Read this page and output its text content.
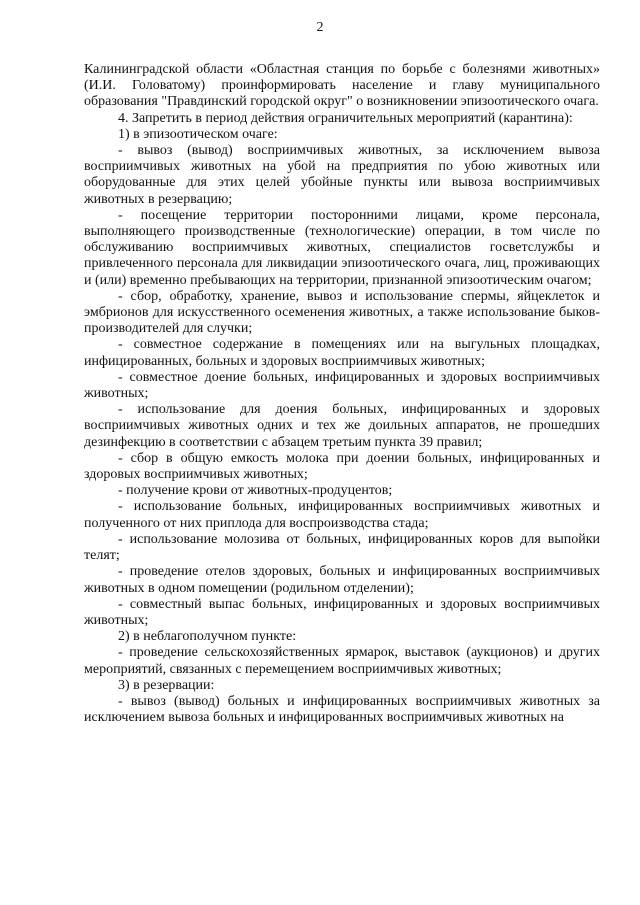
2

Калининградской области «Областная станция по борьбе с болезнями животных» (И.И. Головатому) проинформировать население и главу муниципального образования "Правдинский городской округ" о возникновении эпизоотического очага.

4. Запретить в период действия ограничительных мероприятий (карантина):

1) в эпизоотическом очаге:

- вывоз (вывод) восприимчивых животных, за исключением вывоза восприимчивых животных на убой на предприятия по убою животных или оборудованные для этих целей убойные пункты или вывоза восприимчивых животных в резервацию;

- посещение территории посторонними лицами, кроме персонала, выполняющего производственные (технологические) операции, в том числе по обслуживанию восприимчивых животных, специалистов госветслужбы и привлеченного персонала для ликвидации эпизоотического очага, лиц, проживающих и (или) временно пребывающих на территории, признанной эпизоотическим очагом;

- сбор, обработку, хранение, вывоз и использование спермы, яйцеклеток и эмбрионов для искусственного осеменения животных, а также использование быков-производителей для случки;

- совместное содержание в помещениях или на выгульных площадках, инфицированных, больных и здоровых восприимчивых животных;

- совместное доение больных, инфицированных и здоровых восприимчивых животных;

- использование для доения больных, инфицированных и здоровых восприимчивых животных одних и тех же доильных аппаратов, не прошедших дезинфекцию в соответствии с абзацем третьим пункта 39 правил;

- сбор в общую емкость молока при доении больных, инфицированных и здоровых восприимчивых животных;

- получение крови от животных-продуцентов;

- использование больных, инфицированных восприимчивых животных и полученного от них приплода для воспроизводства стада;

- использование молозива от больных, инфицированных коров для выпойки телят;

- проведение отелов здоровых, больных и инфицированных восприимчивых животных в одном помещении (родильном отделении);

- совместный выпас больных, инфицированных и здоровых восприимчивых животных;

2) в неблагополучном пункте:

- проведение сельскохозяйственных ярмарок, выставок (аукционов) и других мероприятий, связанных с перемещением восприимчивых животных;

3) в резервации:

- вывоз (вывод) больных и инфицированных восприимчивых животных за исключением вывоза больных и инфицированных восприимчивых животных на
